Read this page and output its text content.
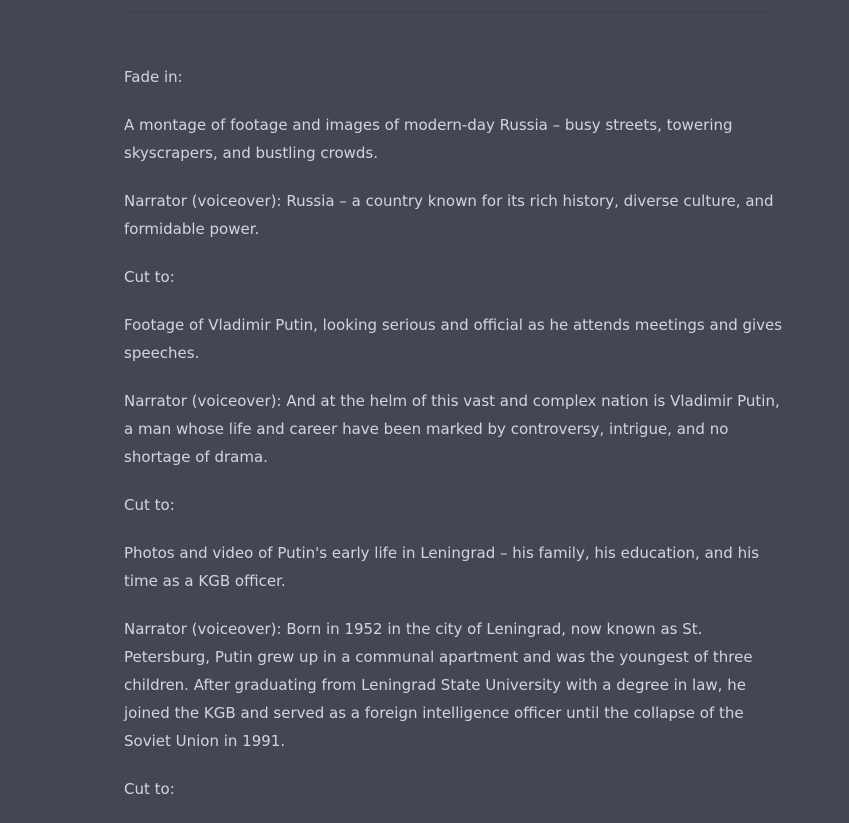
Fade in:

A montage of footage and images of modern-day Russia – busy streets, towering skyscrapers, and bustling crowds.

Narrator (voiceover): Russia – a country known for its rich history, diverse culture, and formidable power.

Cut to:

Footage of Vladimir Putin, looking serious and official as he attends meetings and gives speeches.

Narrator (voiceover): And at the helm of this vast and complex nation is Vladimir Putin, a man whose life and career have been marked by controversy, intrigue, and no shortage of drama.

Cut to:

Photos and video of Putin's early life in Leningrad – his family, his education, and his time as a KGB officer.

Narrator (voiceover): Born in 1952 in the city of Leningrad, now known as St. Petersburg, Putin grew up in a communal apartment and was the youngest of three children. After graduating from Leningrad State University with a degree in law, he joined the KGB and served as a foreign intelligence officer until the collapse of the Soviet Union in 1991.

Cut to:
